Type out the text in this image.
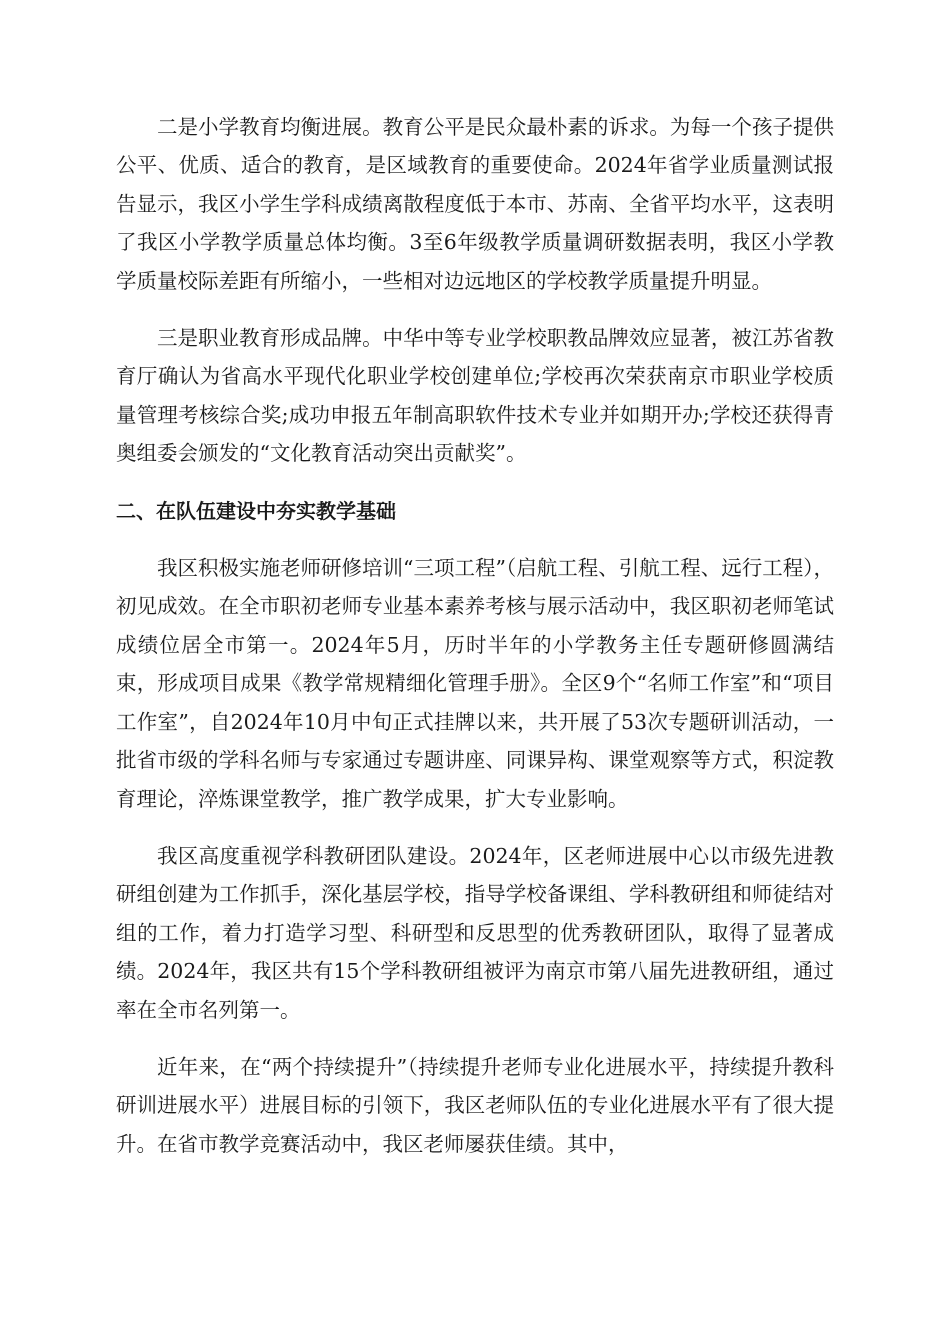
二是小学教育均衡进展。教育公平是民众最朴素的诉求。为每一个孩子提供公平、优质、适合的教育，是区域教育的重要使命。2024年省学业质量测试报告显示，我区小学生学科成绩离散程度低于本市、苏南、全省平均水平，这表明了我区小学教学质量总体均衡。3至6年级教学质量调研数据表明，我区小学教学质量校际差距有所缩小，一些相对边远地区的学校教学质量提升明显。

三是职业教育形成品牌。中华中等专业学校职教品牌效应显著，被江苏省教育厅确认为省高水平现代化职业学校创建单位;学校再次荣获南京市职业学校质量管理考核综合奖;成功申报五年制高职软件技术专业并如期开办;学校还获得青奥组委会颁发的“文化教育活动突出贡献奖”。

二、在队伍建设中夯实教学基础

我区积极实施老师研修培训“三项工程”（启航工程、引航工程、远行工程），初见成效。在全市职初老师专业基本素养考核与展示活动中，我区职初老师笔试成绩位居全市第一。2024年5月，历时半年的小学教务主任专题研修圆满结束，形成项目成果《教学常规精细化管理手册》。全区9个“名师工作室”和“项目工作室”，自2024年10月中旬正式挂牌以来，共开展了53次专题研训活动，一批省市级的学科名师与专家通过专题讲座、同课异构、课堂观察等方式，积淀教育理论，淬炼课堂教学，推广教学成果，扩大专业影响。

我区高度重视学科教研团队建设。2024年，区老师进展中心以市级先进教研组创建为工作抓手，深化基层学校，指导学校备课组、学科教研组和师徒结对组的工作，着力打造学习型、科研型和反思型的优秀教研团队，取得了显著成绩。2024年，我区共有15个学科教研组被评为南京市第八届先进教研组，通过率在全市名列第一。

近年来，在“两个持续提升”（持续提升老师专业化进展水平，持续提升教科研训进展水平）进展目标的引领下，我区老师队伍的专业化进展水平有了很大提升。在省市教学竞赛活动中，我区老师屡获佳绩。其中，
